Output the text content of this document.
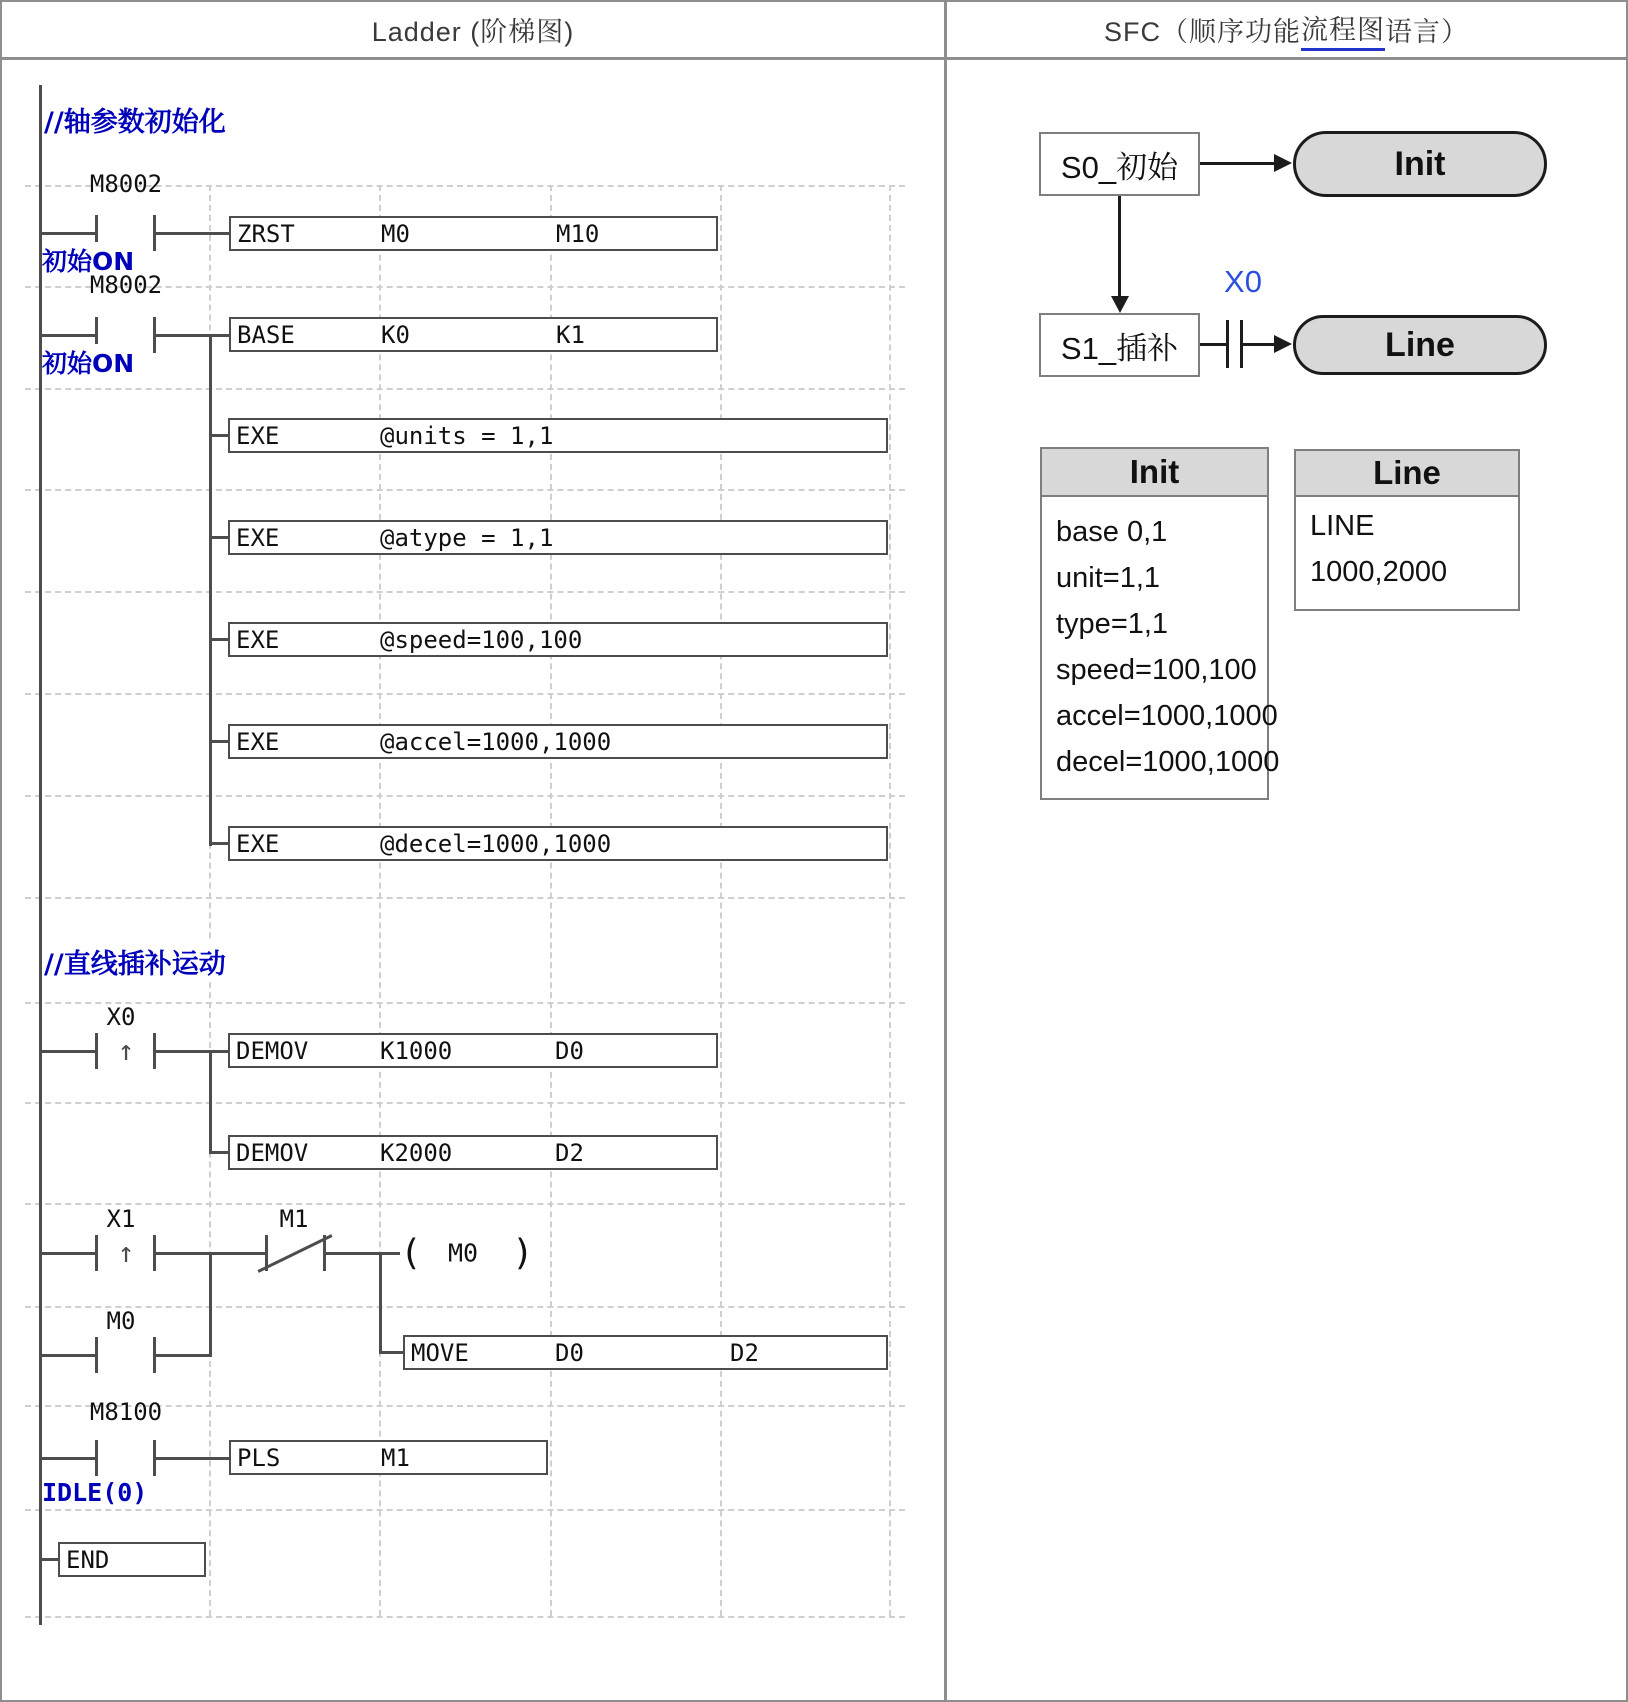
Ladder (阶梯图)	SFC（顺序功能 流程图 语言）
//轴参数初始化
M8002
初始ON
ZRST	M0	M10
M8002
初始ON
BASE	K0	K1
EXE	@units = 1,1
EXE	@atype = 1,1
EXE	@speed=100,100
EXE	@accel=1000,1000
EXE	@decel=1000,1000
//直线插补运动
↑
X0
DEMOV	K1000	D0
DEMOV	K2000	D2
↑
X1	M1
( M0 )
M0
MOVE	D0	D2
M8100
PLS	M1
IDLE(0)
END
S0_初始	Init
X0
S1_插补	Line
Init
base 0,1
unit=1,1
type=1,1
speed=100,100
accel=1000,1000
decel=1000,1000
Line
LINE 1000,2000
